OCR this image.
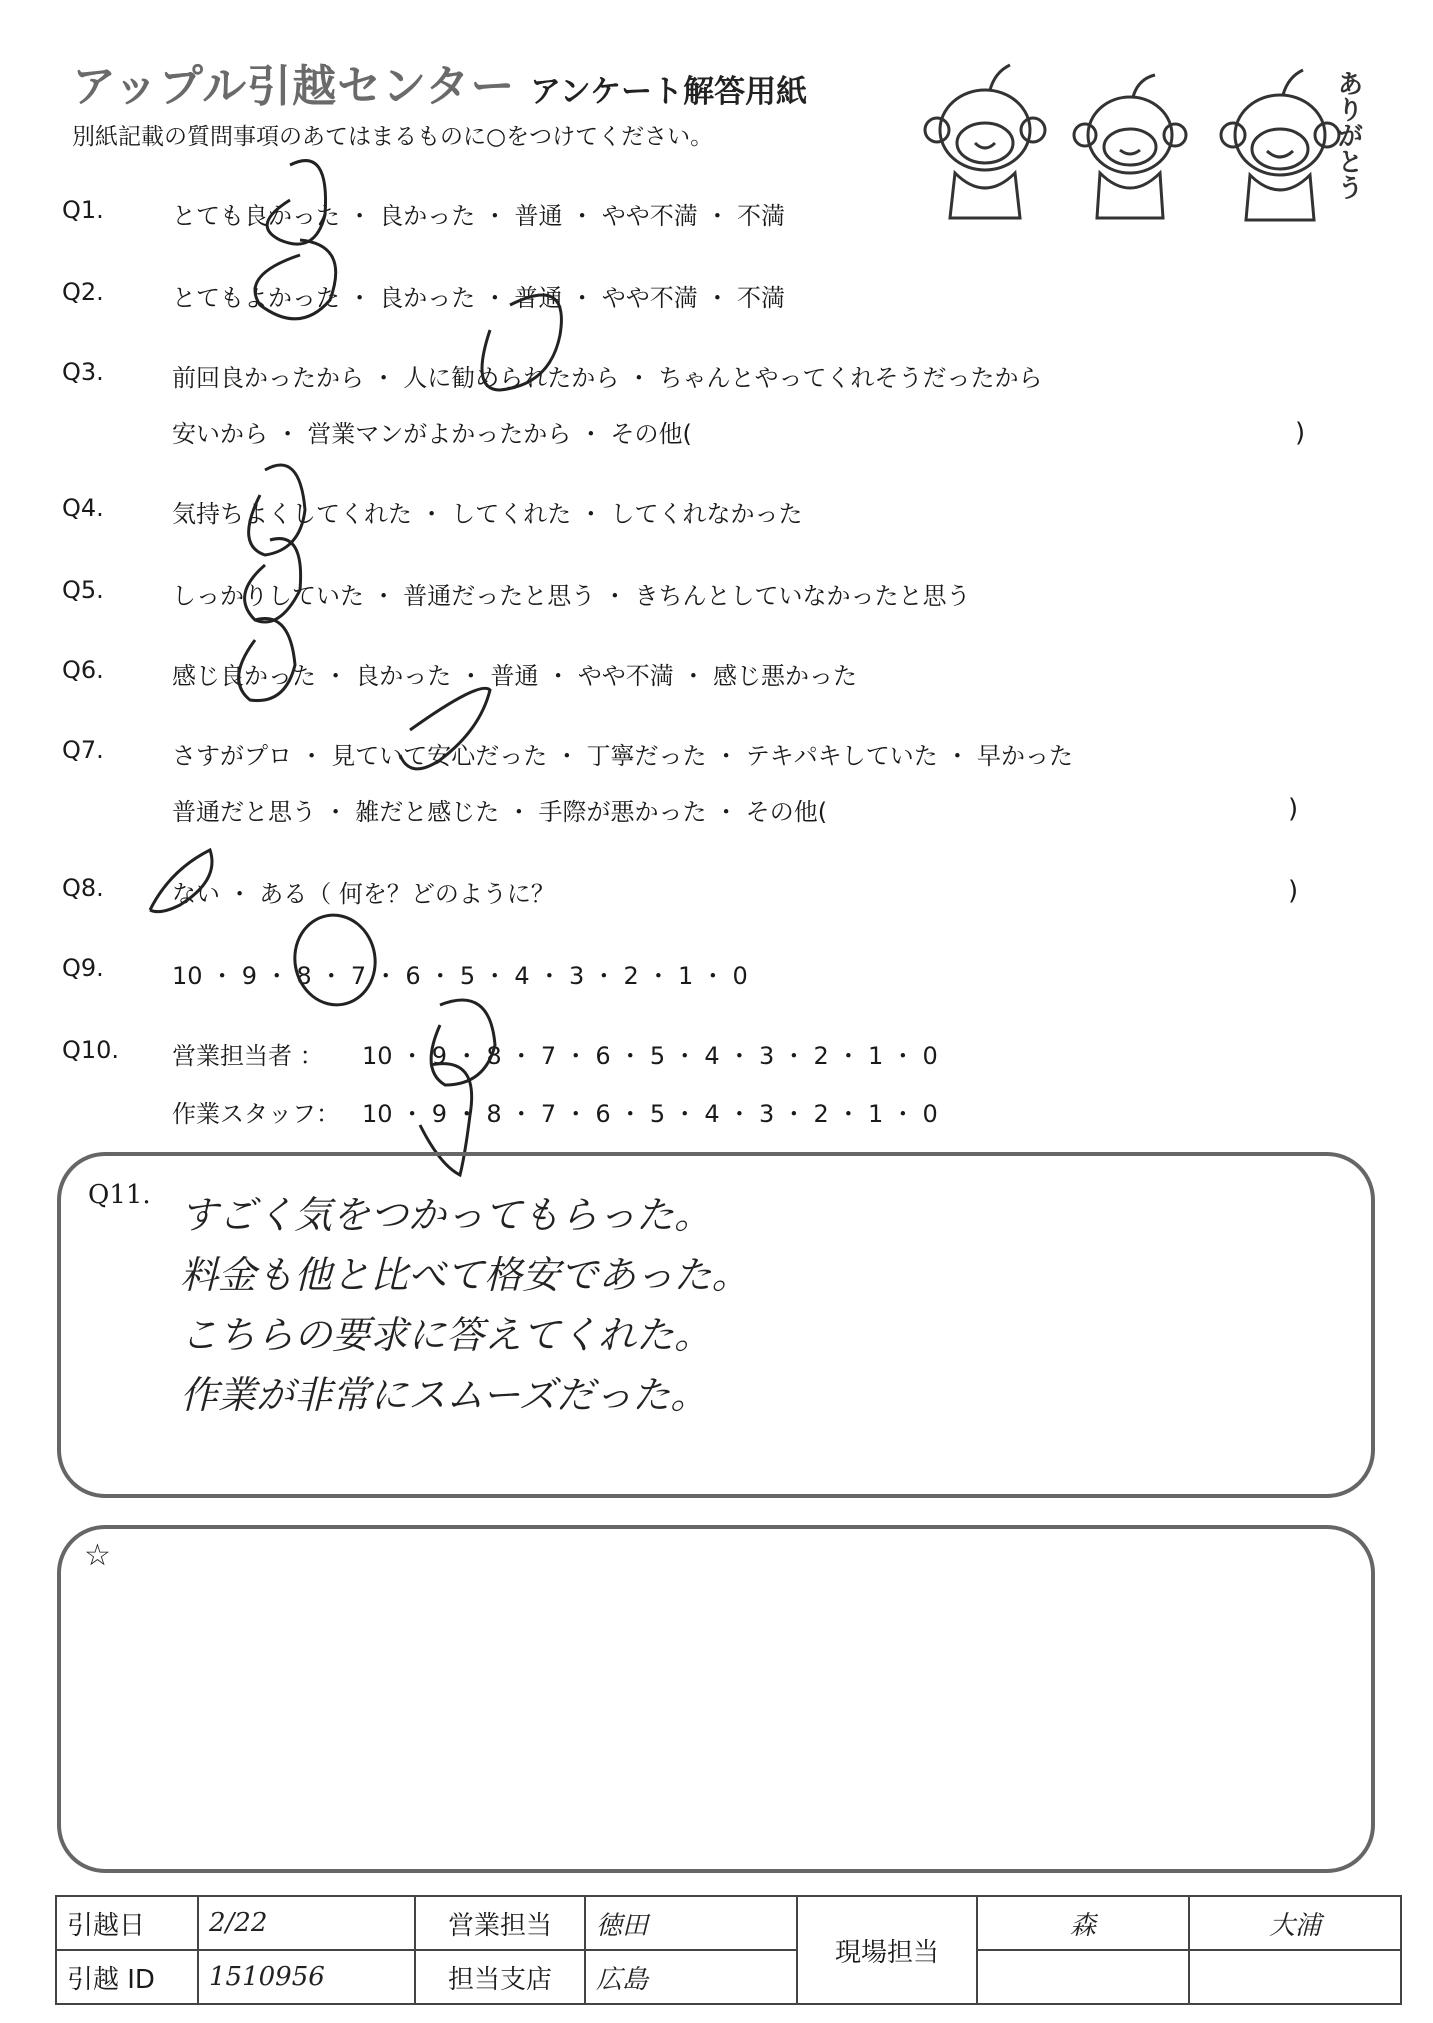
アップル引越センター アンケート解答用紙
別紙記載の質問事項のあてはまるものに○をつけてください。	ありがとう
Q1.	とても良かった ・ 良かった ・ 普通 ・ やや不満 ・ 不満
Q2.	とてもよかった ・ 良かった ・ 普通 ・ やや不満 ・ 不満
Q3.	前回良かったから ・ 人に勧められたから ・ ちゃんとやってくれそうだったから
安いから ・ 営業マンがよかったから ・ その他(	)
Q4.	気持ちよくしてくれた ・ してくれた ・ してくれなかった
Q5.	しっかりしていた ・ 普通だったと思う ・ きちんとしていなかったと思う
Q6.	感じ良かった ・ 良かった ・ 普通 ・ やや不満 ・ 感じ悪かった
Q7.	さすがプロ ・ 見ていて安心だった ・ 丁寧だった ・ テキパキしていた ・ 早かった
普通だと思う ・ 雑だと感じた ・ 手際が悪かった ・ その他(	)
Q8.	ない ・ ある（ 何を？どのように？	)
Q9.	10 ・ 9 ・ 8 ・ 7 ・ 6 ・ 5 ・ 4 ・ 3 ・ 2 ・ 1 ・ 0
Q10. 営業担当者 ： 10 ・ 9 ・ 8 ・ 7 ・ 6 ・ 5 ・ 4 ・ 3 ・ 2 ・ 1 ・ 0
作業スタッフ： 10 ・ 9 ・ 8 ・ 7 ・ 6 ・ 5 ・ 4 ・ 3 ・ 2 ・ 1 ・ 0
Q11. すごく気をつかってもらった。
料金も他と比べて格安であった。
こちらの要求に答えてくれた。
作業が非常にスムーズだった。
☆
引越日	2/22	営業担当	徳田	現場担当	森	大浦
引越 ID	1510956	担当支店	広島			
